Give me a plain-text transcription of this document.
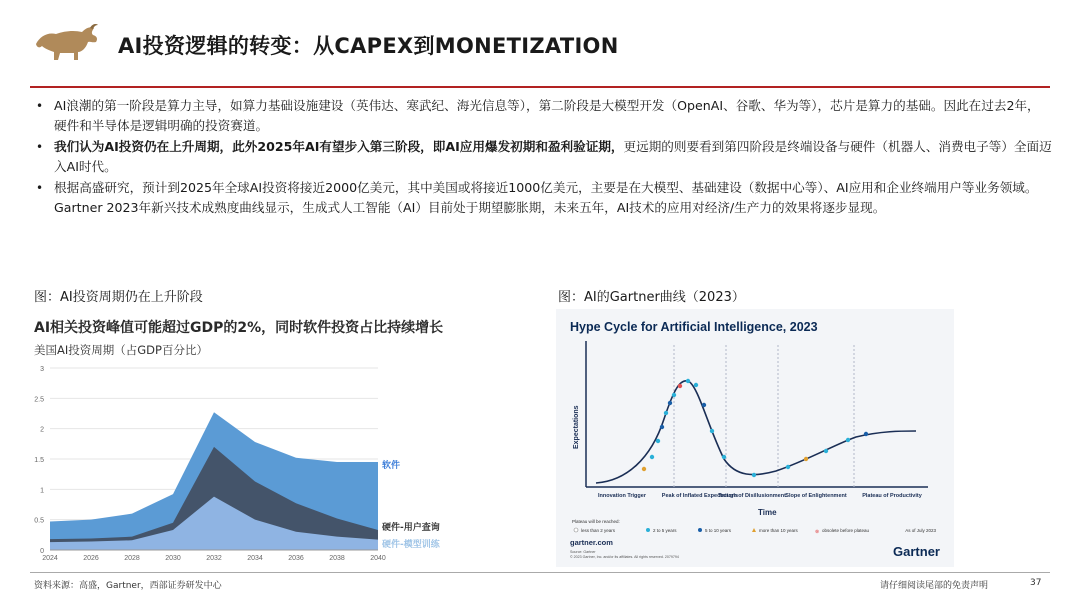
AI投资逻辑的转变：从CAPEX到MONETIZATION
• AI浪潮的第一阶段是算力主导，如算力基础设施建设（英伟达、寒武纪、海光信息等），第二阶段是大模型开发（OpenAI、谷歌、华为等），芯片是算力的基础。因此在过去2年，硬件和半导体是逻辑明确的投资赛道。
• 我们认为AI投资仍在上升周期，此外2025年AI有望步入第三阶段，即AI应用爆发初期和盈利验证期，更远期的则要看到第四阶段是终端设备与硬件（机器人、消费电子等）全面迈入AI时代。
• 根据高盛研究，预计到2025年全球AI投资将接近2000亿美元，其中美国或将接近1000亿美元，主要是在大模型、基础建设（数据中心等）、AI应用和企业终端用户等业务领域。Gartner 2023年新兴技术成熟度曲线显示，生成式人工智能（AI）目前处于期望膨胀期，未来五年，AI技术的应用对经济/生产力的效果将逐步显现。
图：AI投资周期仍在上升阶段	图：AI的Gartner曲线（2023）
AI相关投资峰值可能超过GDP的2%，同时软件投资占比持续增长
美国AI投资周期（占GDP百分比）
0
0.5
1
1.5
2
2.5
3
2024	2026	2028	2030	2032	2034	2036	2038	2040
软件
硬件-用户查询
硬件-模型训练
Hype Cycle for Artificial Intelligence, 2023
Expectations
Time
Innovation Trigger	Peak of Inflated Expectations
Trough of Disillusionment Slope of Enlightenment	Plateau of Productivity
Plateau will be reached:
less than 2 years	2 to 5 years	5 to 10 years	more than 10 years	⊗ obsolete before plateau	As of July 2023
gartner.com
Source: Gartner
© 2023 Gartner, Inc. and/or its affiliates. All rights reserved. 2079794	Gartner
资料来源：高盛，Gartner，西部证券研发中心	请仔细阅读尾部的免责声明	37
